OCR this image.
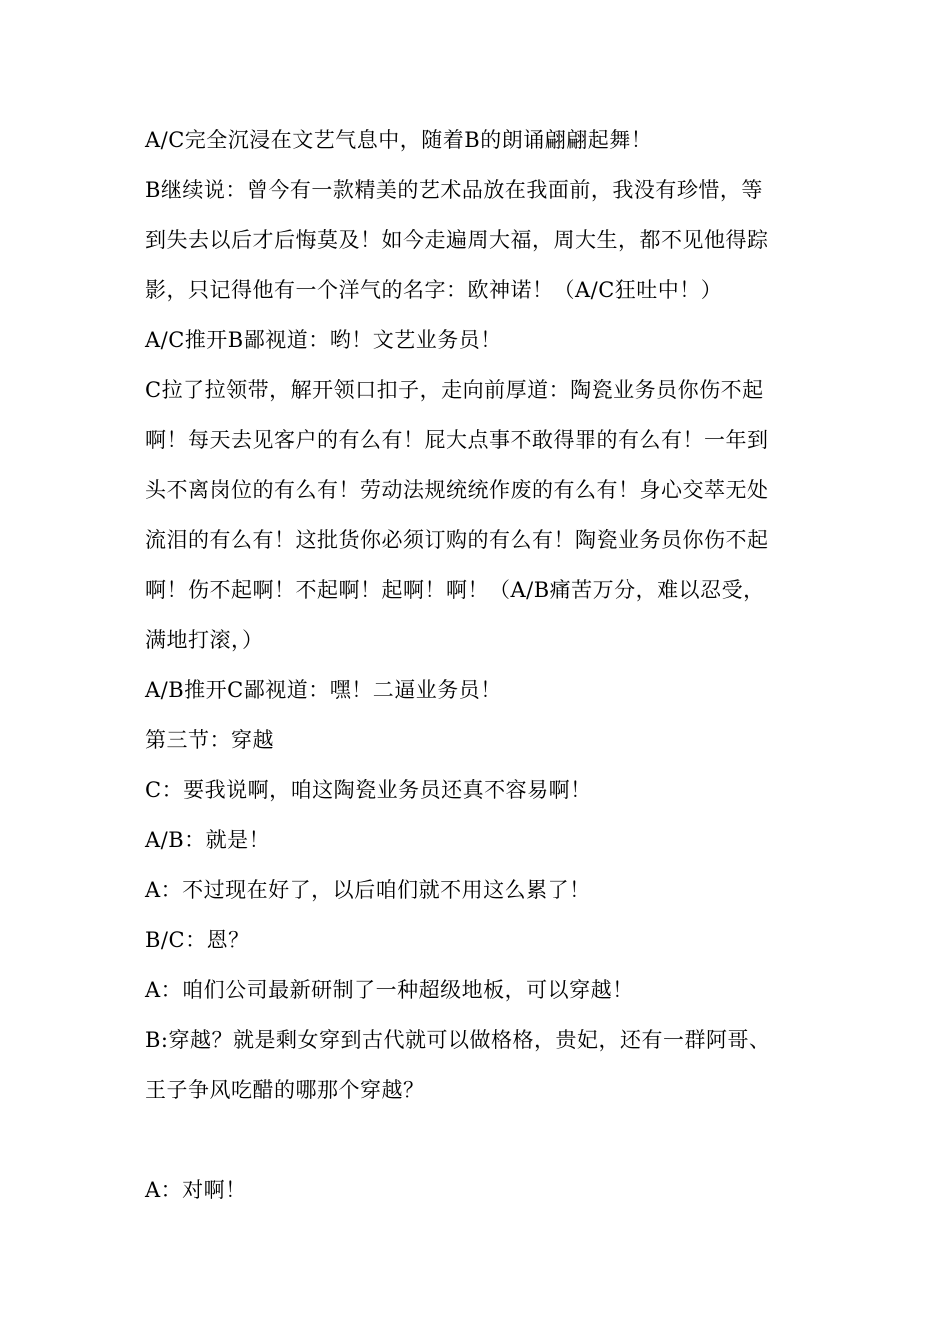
A/C完全沉浸在文艺气息中，随着B的朗诵翩翩起舞！
B继续说：曾今有一款精美的艺术品放在我面前，我没有珍惜，等
到失去以后才后悔莫及！如今走遍周大福，周大生，都不见他得踪
影，只记得他有一个洋气的名字：欧神诺！（A/C狂吐中！）
A/C推开B鄙视道：哟！文艺业务员！
C拉了拉领带，解开领口扣子，走向前厚道：陶瓷业务员你伤不起
啊！每天去见客户的有么有！屁大点事不敢得罪的有么有！一年到
头不离岗位的有么有！劳动法规统统作废的有么有！身心交萃无处
流泪的有么有！这批货你必须订购的有么有！陶瓷业务员你伤不起
啊！伤不起啊！不起啊！起啊！啊！（A/B痛苦万分，难以忍受，
满地打滚，）
A/B推开C鄙视道：嘿！二逼业务员！
第三节：穿越
C：要我说啊，咱这陶瓷业务员还真不容易啊！
A/B：就是！
A：不过现在好了，以后咱们就不用这么累了！
B/C：恩？
A：咱们公司最新研制了一种超级地板，可以穿越！
B:穿越？就是剩女穿到古代就可以做格格，贵妃，还有一群阿哥、
王子争风吃醋的哪那个穿越？
A：对啊！
